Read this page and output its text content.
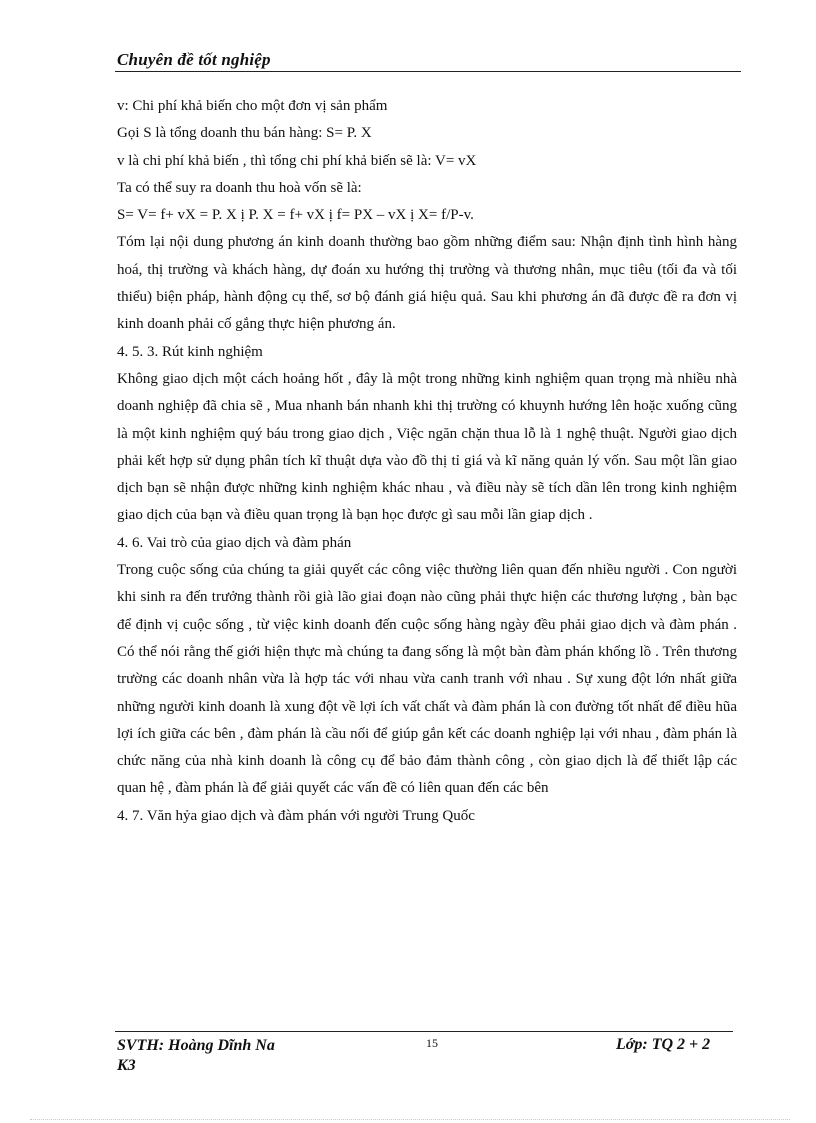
Chuyên đề tốt nghiệp

v: Chi phí khả biến cho một đơn vị sản phẩm

Gọi S là tổng doanh thu bán hàng: S= P. X

v là chi phí khả biến , thì tổng chi phí khả biến sẽ là: V= vX

Ta có thể suy ra doanh thu hoà vốn sẽ là:

S= V= f+ vX = P. X ị P. X = f+ vX ị f= PX – vX ị X= f/P-v.

Tóm lại nội dung phương án kinh doanh thường bao gồm những điểm sau: Nhận định tình hình hàng hoá, thị trường và khách hàng, dự đoán xu hướng thị trường và thương nhân, mục tiêu (tối đa và tối thiểu) biện pháp, hành động cụ thể, sơ bộ đánh giá hiệu quả. Sau khi phương án đã được đề ra đơn vị kinh doanh phải cố gắng thực hiện phương án.

4. 5. 3. Rút kinh nghiệm

Không giao dịch một cách hoảng hốt , đây là một trong những kinh nghiệm quan trọng mà nhiều nhà doanh nghiệp đã chia sẽ , Mua nhanh bán nhanh khi thị trường có khuynh hướng lên hoặc xuống cũng là một kinh nghiệm quý báu trong giao dịch , Việc ngăn chặn thua lỗ là 1 nghệ thuật. Người giao dịch phải kết hợp sử dụng phân tích kĩ thuật dựa vào đồ thị tỉ giá và kĩ năng quản lý vốn. Sau một lần giao dịch bạn sẽ nhận được những kinh nghiệm khác nhau , và điều này sẽ tích dần lên trong kinh nghiệm giao dịch của bạn và điều quan trọng là bạn học được gì sau mỗi lần giap dịch .

4. 6. Vai trò của giao dịch và đàm phán

Trong cuộc sống của chúng ta giải quyết các công việc thường liên quan đến nhiều người . Con người khi sinh ra đến trưởng thành rồi già lão giai đoạn nào cũng phải thực hiện các thương lượng , bàn bạc để định vị cuộc sống , từ việc kinh doanh đến cuộc sống hàng ngày đều phải giao dịch và đàm phán . Có thể nói rằng thế giới hiện thực mà chúng ta đang sống là một bàn đàm phán khổng lồ . Trên thương trường các doanh nhân vừa là hợp tác với nhau vừa canh tranh vớì nhau . Sự xung đột lớn nhất giữa những người kinh doanh là xung đột về lợi ích vất chất và đàm phán là con đường tốt nhất để điều hũa lợi ích giữa các bên , đàm phán là cầu nối để giúp gắn kết các doanh nghiệp lại với nhau , đàm phán là chức năng của nhà kinh doanh là công cụ để bảo đảm thành công , còn giao dịch là để thiết lập các quan hệ , đàm phán là để giải quyết các vấn đề có liên quan đến các bên

4. 7. Văn hỷa giao dịch và đàm phán với người Trung Quốc

SVTH: Hoàng Dĩnh Na
K3
15	Lớp: TQ 2 + 2
